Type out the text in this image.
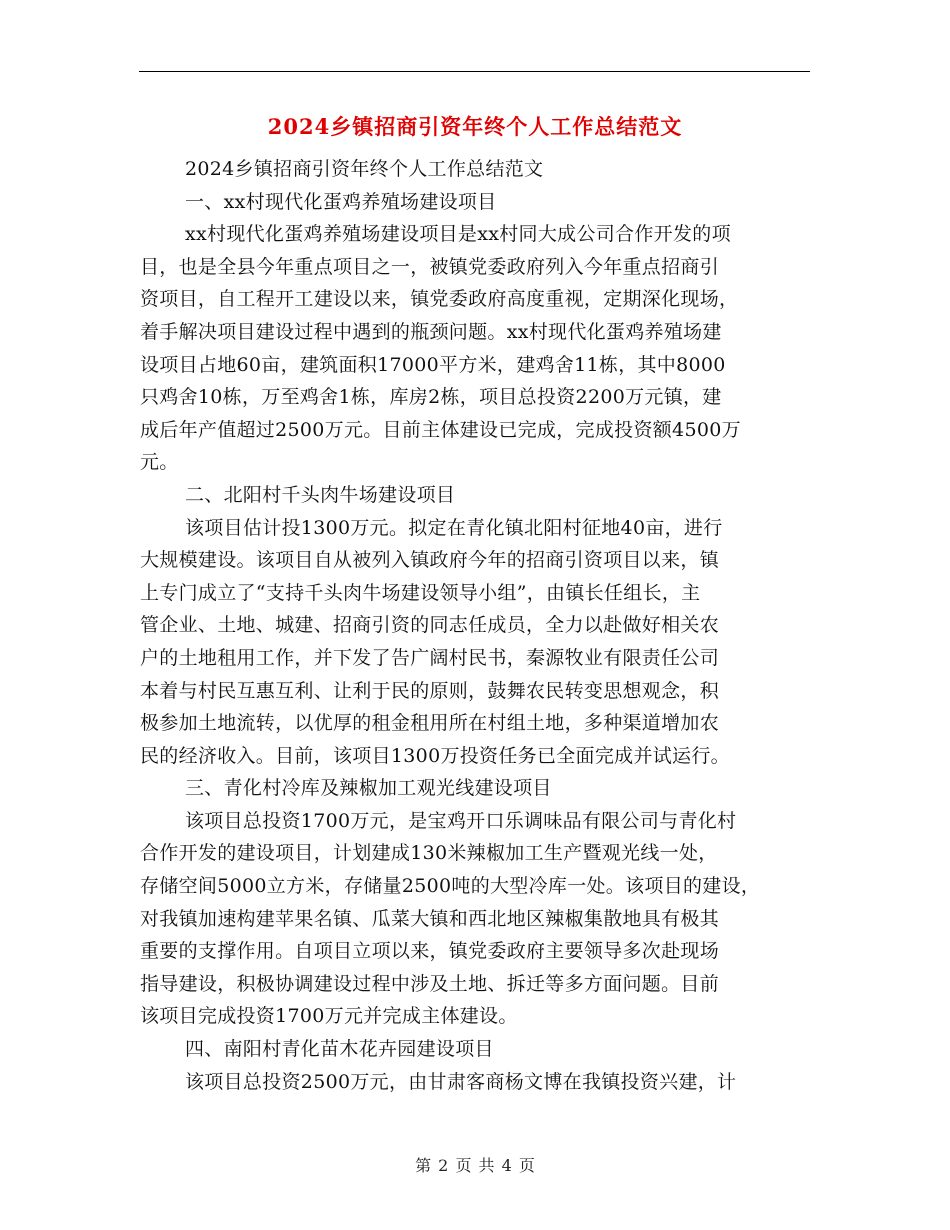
2024乡镇招商引资年终个人工作总结范文
2024乡镇招商引资年终个人工作总结范文
一、xx村现代化蛋鸡养殖场建设项目
xx村现代化蛋鸡养殖场建设项目是xx村同大成公司合作开发的项
目，也是全县今年重点项目之一，被镇党委政府列入今年重点招商引
资项目，自工程开工建设以来，镇党委政府高度重视，定期深化现场，
着手解决项目建设过程中遇到的瓶颈问题。xx村现代化蛋鸡养殖场建
设项目占地60亩，建筑面积17000平方米，建鸡舍11栋，其中8000
只鸡舍10栋，万至鸡舍1栋，库房2栋，项目总投资2200万元镇，建
成后年产值超过2500万元。目前主体建设已完成，完成投资额4500万
元。
二、北阳村千头肉牛场建设项目
该项目估计投1300万元。拟定在青化镇北阳村征地40亩，进行
大规模建设。该项目自从被列入镇政府今年的招商引资项目以来，镇
上专门成立了“支持千头肉牛场建设领导小组”，由镇长任组长，主
管企业、土地、城建、招商引资的同志任成员，全力以赴做好相关农
户的土地租用工作，并下发了告广阔村民书，秦源牧业有限责任公司
本着与村民互惠互利、让利于民的原则，鼓舞农民转变思想观念，积
极参加土地流转，以优厚的租金租用所在村组土地，多种渠道增加农
民的经济收入。目前，该项目1300万投资任务已全面完成并试运行。
三、青化村冷库及辣椒加工观光线建设项目
该项目总投资1700万元，是宝鸡开口乐调味品有限公司与青化村
合作开发的建设项目，计划建成130米辣椒加工生产暨观光线一处，
存储空间5000立方米，存储量2500吨的大型冷库一处。该项目的建设，
对我镇加速构建苹果名镇、瓜菜大镇和西北地区辣椒集散地具有极其
重要的支撑作用。自项目立项以来，镇党委政府主要领导多次赴现场
指导建设，积极协调建设过程中涉及土地、拆迁等多方面问题。目前
该项目完成投资1700万元并完成主体建设。
四、南阳村青化苗木花卉园建设项目
该项目总投资2500万元，由甘肃客商杨文博在我镇投资兴建，计
第 2 页 共 4 页
